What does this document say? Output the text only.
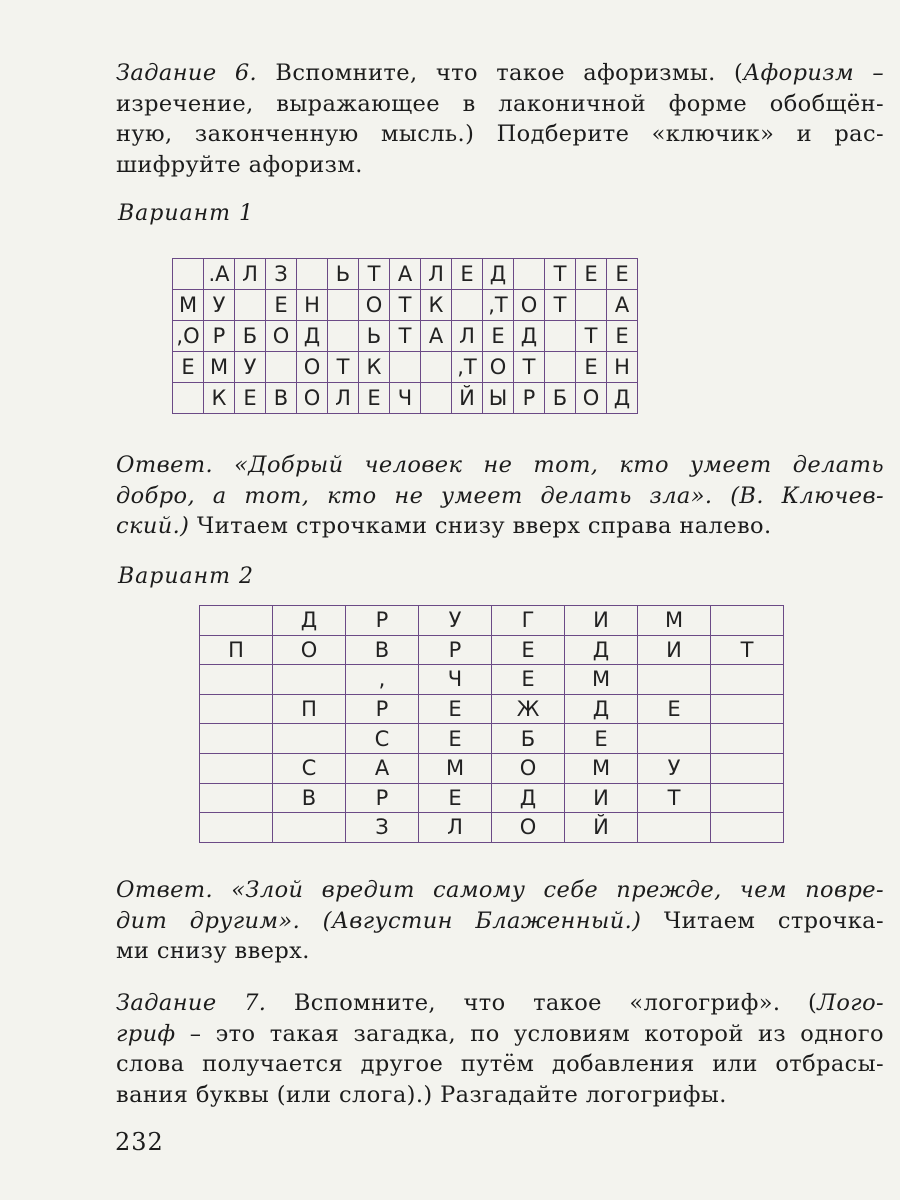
Задание 6. Вспомните, что такое афоризмы. (Афоризм –
изречение, выражающее в лаконичной форме обобщён-
ную, законченную мысль.) Подберите «ключик» и рас-
шифруйте афоризм.
Вариант 1
	.А	Л	З		Ь	Т	А	Л	Е	Д		Т	Е	Е
М	У		Е	Н		О	Т	К		,Т	О	Т		А
,О	Р	Б	О	Д		Ь	Т	А	Л	Е	Д		Т	Е
Е	М	У		О	Т	К			,Т	О	Т		Е	Н
	К	Е	В	О	Л	Е	Ч		Й	Ы	Р	Б	О	Д
Ответ. «Добрый человек не тот, кто умеет делать
добро, а тот, кто не умеет делать зла». (В. Ключев-
ский.) Читаем строчками снизу вверх справа налево.
Вариант 2
	Д	Р	У	Г	И	М	
П	О	В	Р	Е	Д	И	Т
		,	Ч	Е	М		
	П	Р	Е	Ж	Д	Е	
		С	Е	Б	Е		
	С	А	М	О	М	У	
	В	Р	Е	Д	И	Т	
		З	Л	О	Й		
Ответ. «Злой вредит самому себе прежде, чем повре-
дит другим». (Августин Блаженный.) Читаем строчка-
ми снизу вверх.
Задание 7. Вспомните, что такое «логогриф». (Лого-
гриф – это такая загадка, по условиям которой из одного
слова получается другое путём добавления или отбрасы-
вания буквы (или слога).) Разгадайте логогрифы.
232
